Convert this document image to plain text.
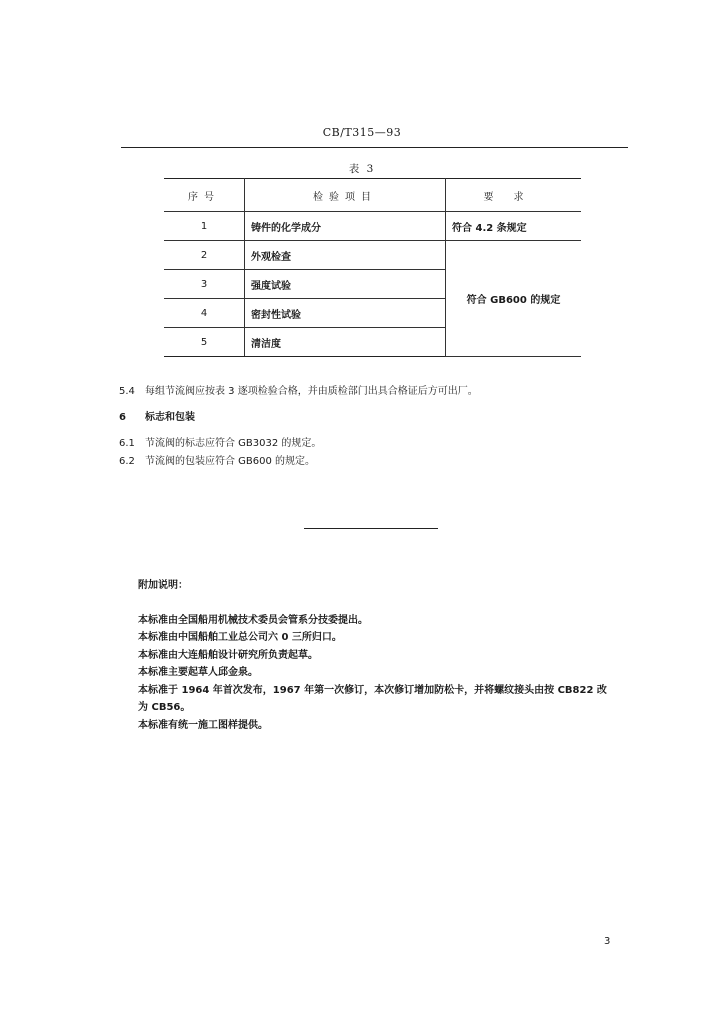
CB/T315—93
表 3
序号	检验项目	要求
1	铸件的化学成分	符合 4.2 条规定
2	外观检查	符合 GB600 的规定
3	强度试验	
4	密封性试验	
5	清洁度	
5.4 每组节流阀应按表 3 逐项检验合格，并由质检部门出具合格证后方可出厂。
6 标志和包装
6.1 节流阀的标志应符合 GB3032 的规定。
6.2 节流阀的包装应符合 GB600 的规定。
附加说明：
本标准由全国船用机械技术委员会管系分技委提出。
本标准由中国船舶工业总公司六 0 三所归口。
本标准由大连船舶设计研究所负责起草。
本标准主要起草人邱金泉。
本标准于 1964 年首次发布，1967 年第一次修订，本次修订增加防松卡，并将螺纹接头由按 CB822 改
为 CB56。
本标准有统一施工图样提供。
3
